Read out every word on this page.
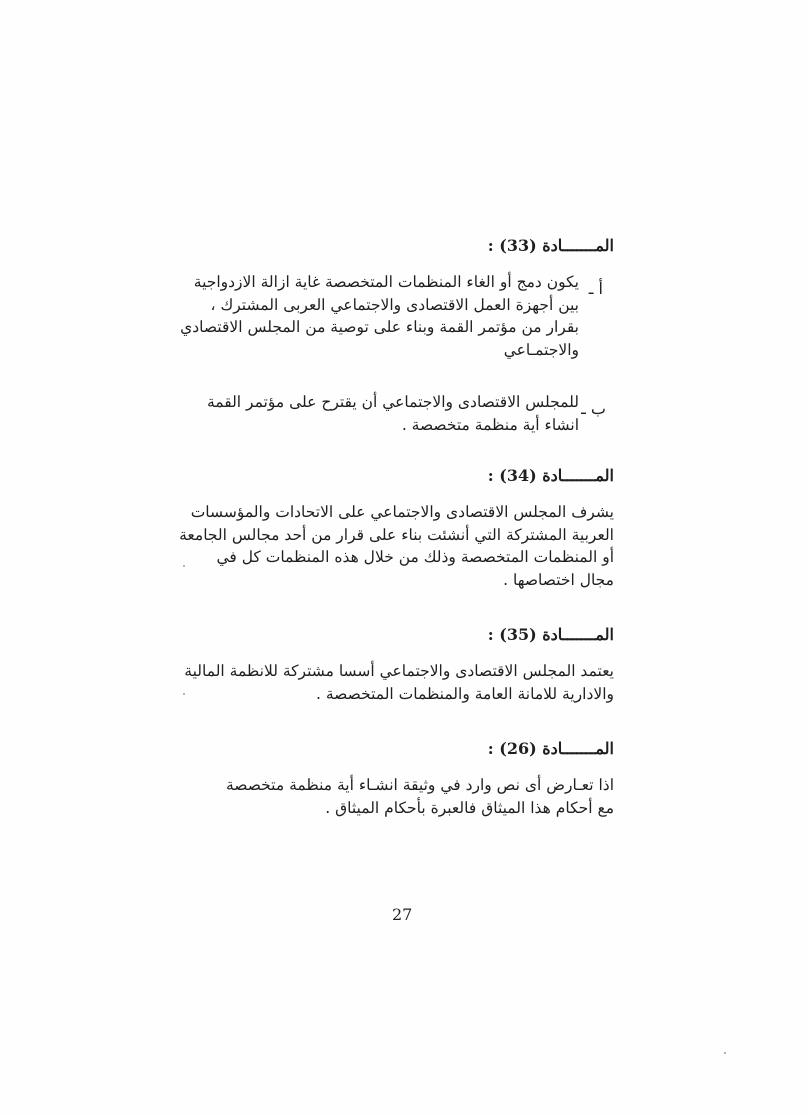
المـــــــادة (33) :
أ ـ

يكون دمج أو الغاء المنظمات المتخصصة غاية ازالة الازدواجية

بين أجهزة العمل الاقتصادى والاجتماعي العربى المشترك ،

بقرار من مؤتمر القمة وبناء على توصية من المجلس الاقتصادي

والاجتمـاعي

ب ـ

للمجلس الاقتصادى والاجتماعي أن يقترح على مؤتمر القمة

انشاء أية منظمة متخصصة .

المـــــــادة (34) :

يشرف المجلس الاقتصادى والاجتماعي على الاتحادات والمؤسسات

العربية المشتركة التي أنشئت بناء على قرار من أحد مجالس الجامعة

أو المنظمات المتخصصة وذلك من خلال هذه المنظمات كل في

مجال اختصاصها .

المـــــــادة (35) :

يعتمد المجلس الاقتصادى والاجتماعي أسسا مشتركة للانظمة المالية

والادارية للامانة العامة والمنظمات المتخصصة .

المـــــــادة (26) :

اذا تعـارض أى نص وارد في وثيقة انشـاء أية منظمة متخصصة

مع أحكام هذا الميثاق فالعبرة بأحكام الميثاق .

27
